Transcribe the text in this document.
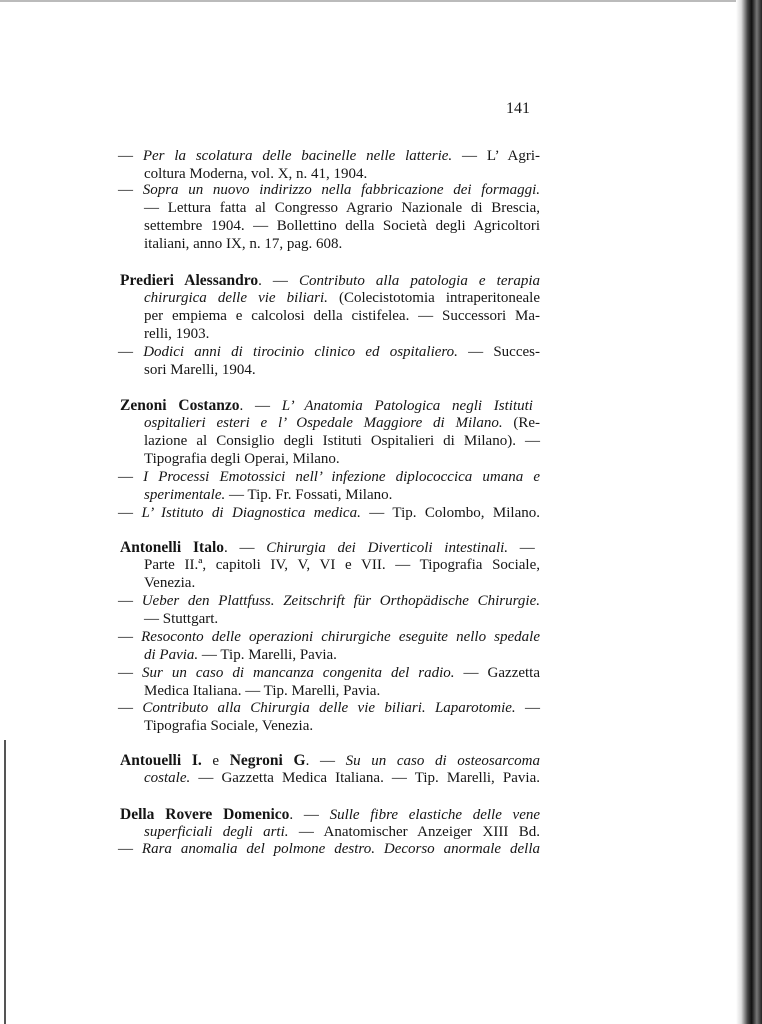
141
— Per la scolatura delle bacinelle nelle latterie. — L’ Agri-
coltura Moderna, vol. X, n. 41, 1904.
— Sopra un nuovo indirizzo nella fabbricazione dei formaggi.
— Lettura fatta al Congresso Agrario Nazionale di Brescia,
settembre 1904. — Bollettino della Società degli Agricoltori
italiani, anno IX, n. 17, pag. 608.
Predieri Alessandro. — Contributo alla patologia e terapia
chirurgica delle vie biliari. (Colecistotomia intraperitoneale
per empiema e calcolosi della cistifelea. — Successori Ma-
relli, 1903.
— Dodici anni di tirocinio clinico ed ospitaliero. — Succes-
sori Marelli, 1904.
Zenoni Costanzo. — L’ Anatomia Patologica negli Istituti
ospitalieri esteri e l’ Ospedale Maggiore di Milano. (Re-
lazione al Consiglio degli Istituti Ospitalieri di Milano). —
Tipografia degli Operai, Milano.
— I Processi Emotossici nell’ infezione diplococcica umana e
sperimentale. — Tip. Fr. Fossati, Milano.
— L’ Istituto di Diagnostica medica. — Tip. Colombo, Milano.
Antonelli Italo. — Chirurgia dei Diverticoli intestinali. —
Parte II.ª, capitoli IV, V, VI e VII. — Tipografia Sociale,
Venezia.
— Ueber den Plattfuss. Zeitschrift für Orthopädische Chirurgie.
— Stuttgart.
— Resoconto delle operazioni chirurgiche eseguite nello spedale
di Pavia. — Tip. Marelli, Pavia.
— Sur un caso di mancanza congenita del radio. — Gazzetta
Medica Italiana. — Tip. Marelli, Pavia.
— Contributo alla Chirurgia delle vie biliari. Laparotomie. —
Tipografia Sociale, Venezia.
Antouelli I. e Negroni G. — Su un caso di osteosarcoma
costale. — Gazzetta Medica Italiana. — Tip. Marelli, Pavia.
Della Rovere Domenico. — Sulle fibre elastiche delle vene
superficiali degli arti. — Anatomischer Anzeiger XIII Bd.
— Rara anomalia del polmone destro. Decorso anormale della
